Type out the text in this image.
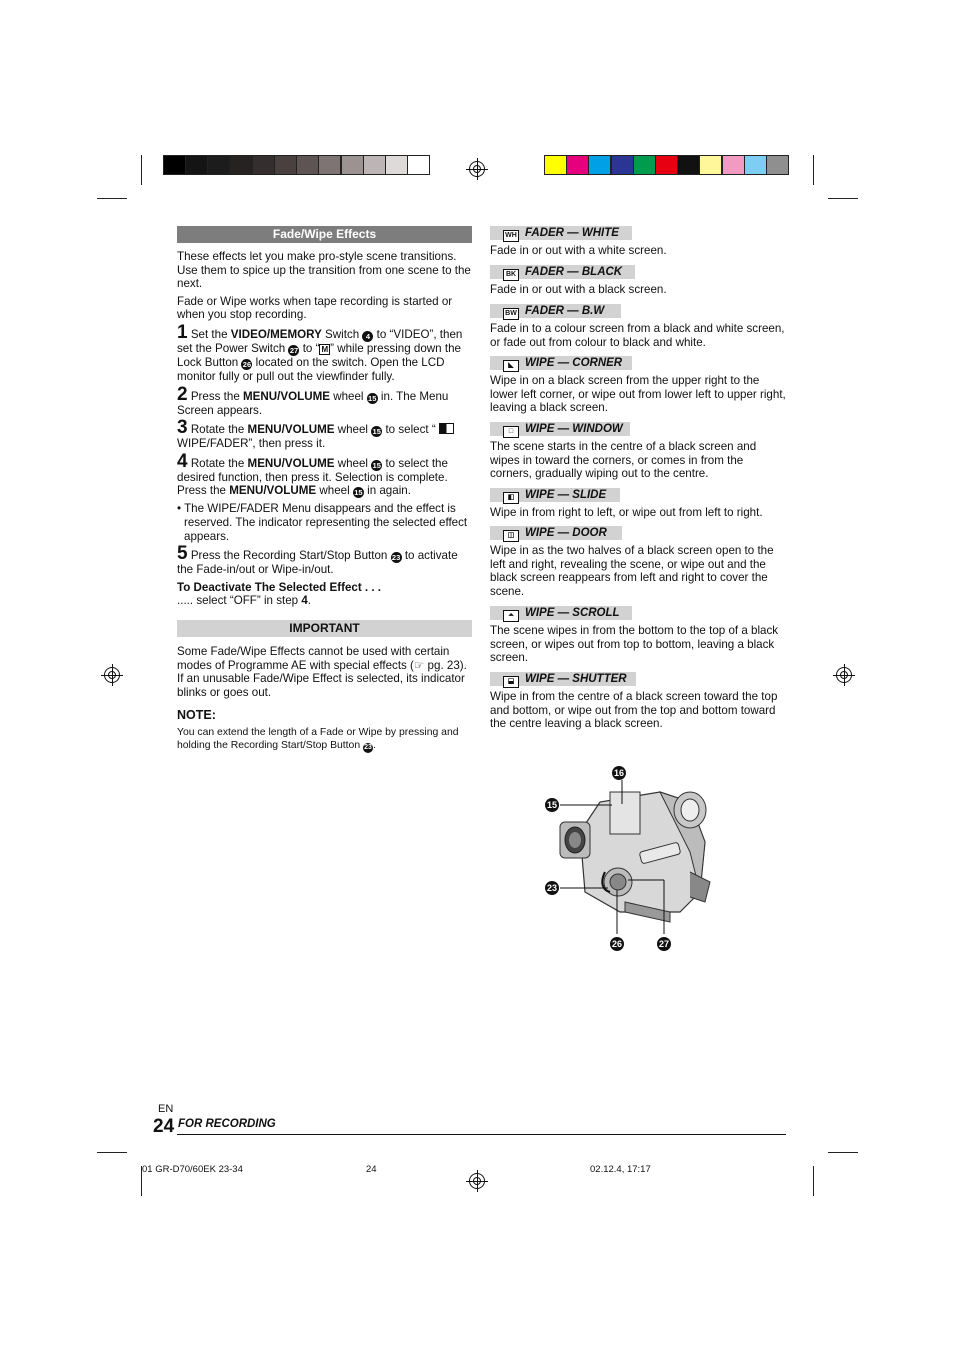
Fade/Wipe Effects

These effects let you make pro-style scene transitions. Use them to spice up the transition from one scene to the next.

Fade or Wipe works when tape recording is started or when you stop recording.

1 Set the VIDEO/MEMORY Switch 4 to “VIDEO”, then set the Power Switch 27 to “ M ” while pressing down the Lock Button 26 located on the switch. Open the LCD monitor fully or pull out the viewfinder fully.

2 Press the MENU/VOLUME wheel 15 in. The Menu Screen appears.

3 Rotate the MENU/VOLUME wheel 15 to select “ WIPE/FADER”, then press it.

4 Rotate the MENU/VOLUME wheel 15 to select the desired function, then press it. Selection is complete. Press the MENU/VOLUME wheel 15 in again.

• The WIPE/FADER Menu disappears and the effect is reserved. The indicator representing the selected effect appears.

5 Press the Recording Start/Stop Button 23 to activate the Fade-in/out or Wipe-in/out.

To Deactivate The Selected Effect . . .

..... select “OFF” in step 4.

IMPORTANT
Some Fade/Wipe Effects cannot be used with certain modes of Programme AE with special effects (☞ pg. 23). If an unusable Fade/Wipe Effect is selected, its indicator blinks or goes out.
NOTE:
You can extend the length of a Fade or Wipe by pressing and holding the Recording Start/Stop Button 23.
WH FADER — WHITE
Fade in or out with a white screen.
BK FADER — BLACK
Fade in or out with a black screen.
BW FADER — B.W
Fade in to a colour screen from a black and white screen, or fade out from colour to black and white.
◣ WIPE — CORNER
Wipe in on a black screen from the upper right to the lower left corner, or wipe out from lower left to upper right, leaving a black screen.
□ WIPE — WINDOW
The scene starts in the centre of a black screen and wipes in toward the corners, or comes in from the corners, gradually wiping out to the centre.
◧ WIPE — SLIDE
Wipe in from right to left, or wipe out from left to right.
◫ WIPE — DOOR
Wipe in as the two halves of a black screen open to the left and right, revealing the scene, or wipe out and the black screen reappears from left and right to cover the scene.
⏶ WIPE — SCROLL
The scene wipes in from the bottom to the top of a black screen, or wipes out from top to bottom, leaving a black screen.
⬓ WIPE — SHUTTER
Wipe in from the centre of a black screen toward the top and bottom, or wipe out from the top and bottom toward the centre leaving a black screen.
16
15
23
26	27
EN
24 FOR RECORDING
01 GR-D70/60EK 23-34	24	02.12.4, 17:17
